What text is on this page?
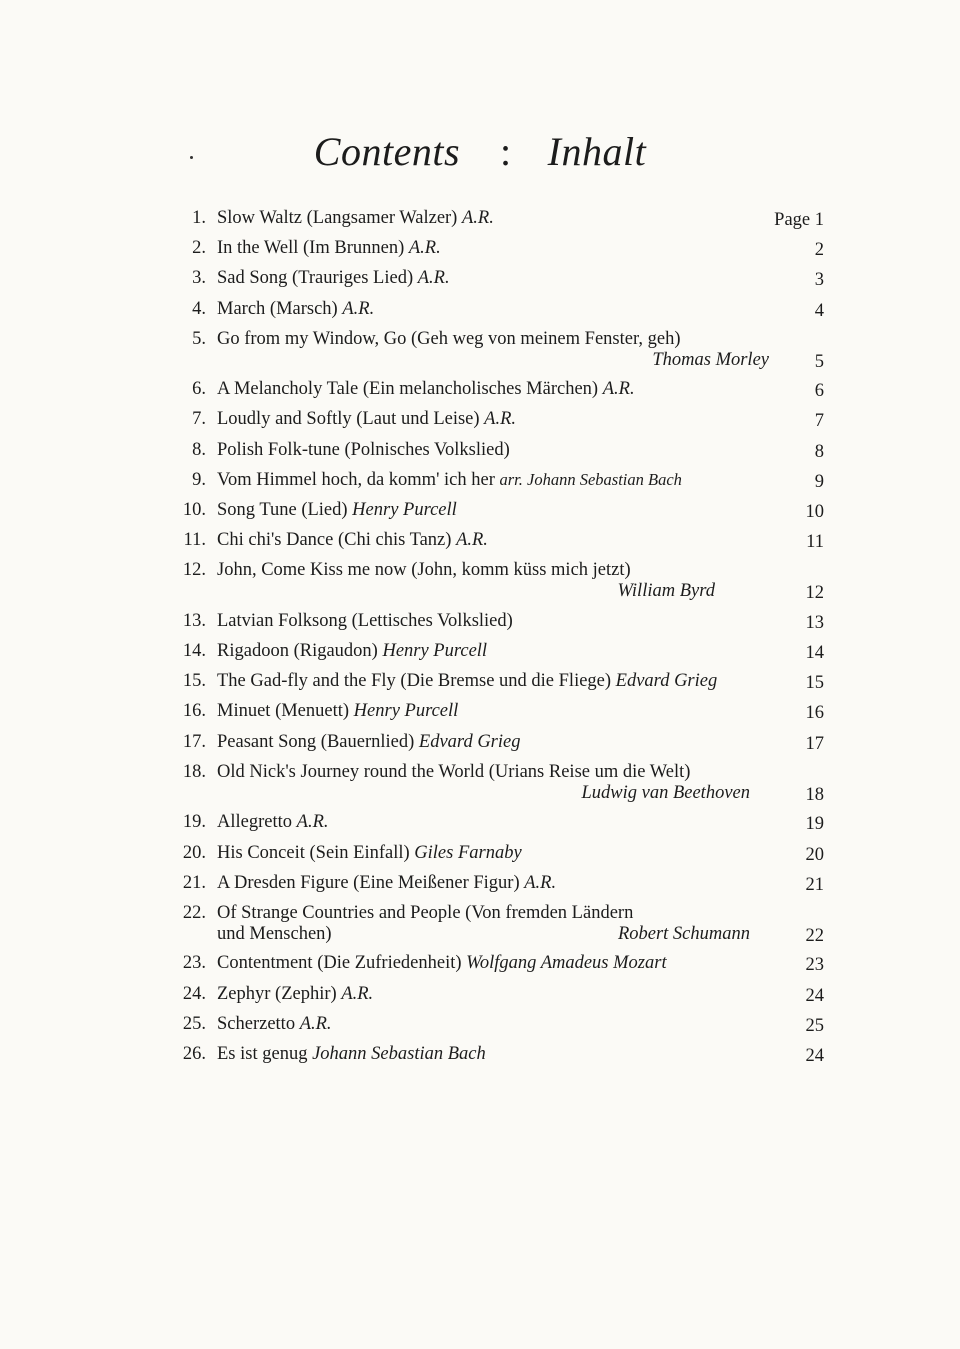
Contents : Inhalt
1. Slow Waltz (Langsamer Walzer) A.R.	Page 1
2. In the Well (Im Brunnen) A.R.	2
3. Sad Song (Trauriges Lied) A.R.	3
4. March (Marsch) A.R.	4
5. Go from my Window, Go (Geh weg von meinem Fenster, geh)
Thomas Morley 5
6. A Melancholy Tale (Ein melancholisches Märchen) A.R.	6
7. Loudly and Softly (Laut und Leise) A.R.	7
8. Polish Folk-tune (Polnisches Volkslied)	8
9. Vom Himmel hoch, da komm' ich her arr. Johann Sebastian Bach	9
10. Song Tune (Lied) Henry Purcell	10
11. Chi chi's Dance (Chi chis Tanz) A.R.	11
12. John, Come Kiss me now (John, komm küss mich jetzt)
William Byrd	12
13. Latvian Folksong (Lettisches Volkslied)	13
14. Rigadoon (Rigaudon) Henry Purcell	14
15. The Gad-fly and the Fly (Die Bremse und die Fliege) Edvard Grieg	15
16. Minuet (Menuett) Henry Purcell	16
17. Peasant Song (Bauernlied) Edvard Grieg	17
18. Old Nick's Journey round the World (Urians Reise um die Welt)
Ludwig van Beethoven	18
19. Allegretto A.R.	19
20. His Conceit (Sein Einfall) Giles Farnaby	20
21. A Dresden Figure (Eine Meißener Figur) A.R.	21
22. Of Strange Countries and People (Von fremden Ländern
und Menschen)	Robert Schumann	22
23. Contentment (Die Zufriedenheit) Wolfgang Amadeus Mozart	23
24. Zephyr (Zephir) A.R.	24
25. Scherzetto A.R.	25
26. Es ist genug Johann Sebastian Bach	24
